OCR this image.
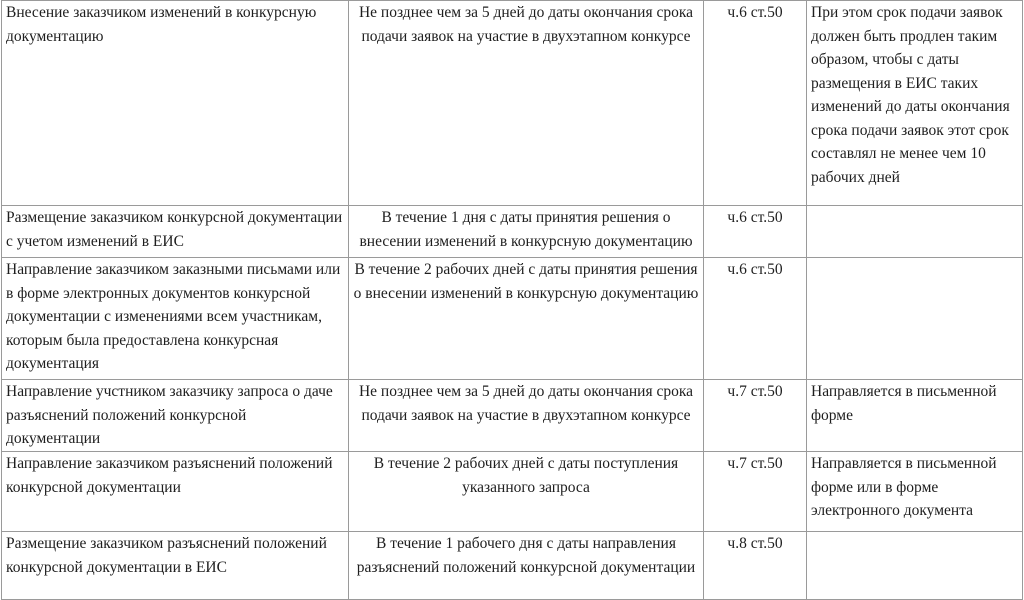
Внесение заказчиком изменений в конкурсную документацию	Не позднее чем за 5 дней до даты окончания срока подачи заявок на участие в двухэтапном конкурсе	ч.6 ст.50	При этом срок подачи заявок должен быть продлен таким образом, чтобы с даты размещения в ЕИС таких изменений до даты окончания срока подачи заявок этот срок составлял не менее чем 10 рабочих дней
Размещение заказчиком конкурсной документации с учетом изменений в ЕИС	В течение 1 дня с даты принятия решения о внесении изменений в конкурсную документацию	ч.6 ст.50	
Направление заказчиком заказными письмами или в форме электронных документов конкурсной документации с изменениями всем участникам, которым была предоставлена конкурсная документация	В течение 2 рабочих дней с даты принятия решения о внесении изменений в конкурсную документацию	ч.6 ст.50	
Направление учстником заказчику запроса о даче разъяснений положений конкурсной документации	Не позднее чем за 5 дней до даты окончания срока подачи заявок на участие в двухэтапном конкурсе	ч.7 ст.50	Направляется в письменной форме
Направление заказчиком разъяснений положений конкурсной документации	В течение 2 рабочих дней с даты поступления указанного запроса	ч.7 ст.50	Направляется в письменной форме или в форме электронного документа
Размещение заказчиком разъяснений положений конкурсной документации в ЕИС	В течение 1 рабочего дня с даты направления разъяснений положений конкурсной документации	ч.8 ст.50	
